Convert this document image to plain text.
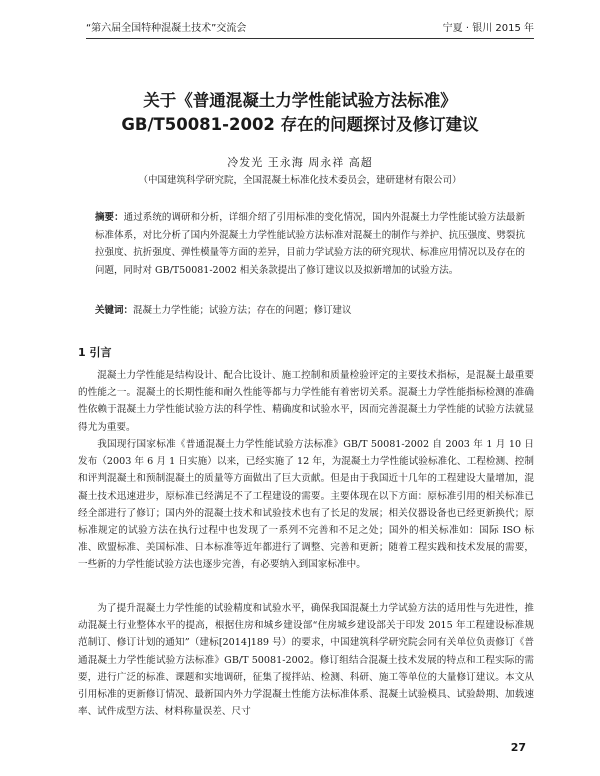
“第六届全国特种混凝土技术”交流会	宁夏 · 银川 2015 年
关于《普通混凝土力学性能试验方法标准》
GB/T50081-2002 存在的问题探讨及修订建议
冷发光 王永海 周永祥 高超
（中国建筑科学研究院，全国混凝土标准化技术委员会，建研建材有限公司）
摘要：通过系统的调研和分析，详细介绍了引用标准的变化情况，国内外混凝土力学性能试验方法最新标准体系，对比分析了国内外混凝土力学性能试验方法标准对混凝土的制作与养护、抗压强度、劈裂抗拉强度、抗折强度、弹性模量等方面的差异，目前力学试验方法的研究现状、标准应用情况以及存在的问题，同时对 GB/T50081-2002 相关条款提出了修订建议以及拟新增加的试验方法。
关键词：混凝土力学性能；试验方法；存在的问题；修订建议
1 引言
混凝土力学性能是结构设计、配合比设计、施工控制和质量检验评定的主要技术指标，是混凝土最重要的性能之一。混凝土的长期性能和耐久性能等都与力学性能有着密切关系。混凝土力学性能指标检测的准确性依赖于混凝土力学性能试验方法的科学性、精确度和试验水平，因而完善混凝土力学性能的试验方法就显得尤为重要。
我国现行国家标准《普通混凝土力学性能试验方法标准》GB/T 50081-2002 自 2003 年 1 月 10 日发布（2003 年 6 月 1 日实施）以来，已经实施了 12 年，为混凝土力学性能试验标准化、工程检测、控制和评判混凝土和预制混凝土的质量等方面做出了巨大贡献。但是由于我国近十几年的工程建设大量增加，混凝土技术迅速进步，原标准已经满足不了工程建设的需要。主要体现在以下方面：原标准引用的相关标准已经全部进行了修订；国内外的混凝土技术和试验技术也有了长足的发展；相关仪器设备也已经更新换代；原标准规定的试验方法在执行过程中也发现了一系列不完善和不足之处；国外的相关标准如：国际 ISO 标准、欧盟标准、美国标准、日本标准等近年都进行了调整、完善和更新；随着工程实践和技术发展的需要，一些新的力学性能试验方法也逐步完善，有必要纳入到国家标准中。
为了提升混凝土力学性能的试验精度和试验水平，确保我国混凝土力学试验方法的适用性与先进性，推动混凝土行业整体水平的提高，根据住房和城乡建设部“住房城乡建设部关于印发 2015 年工程建设标准规范制订、修订计划的通知”（建标[2014]189 号）的要求，中国建筑科学研究院会同有关单位负责修订《普通混凝土力学性能试验方法标准》GB/T 50081-2002。修订组结合混凝土技术发展的特点和工程实际的需要，进行广泛的标准、课题和实地调研，征集了搅拌站、检测、科研、施工等单位的大量修订建议。本文从引用标准的更新修订情况、最新国内外力学混凝土性能方法标准体系、混凝土试验模具、试验龄期、加载速率、试件成型方法、材料称量误差、尺寸
27
